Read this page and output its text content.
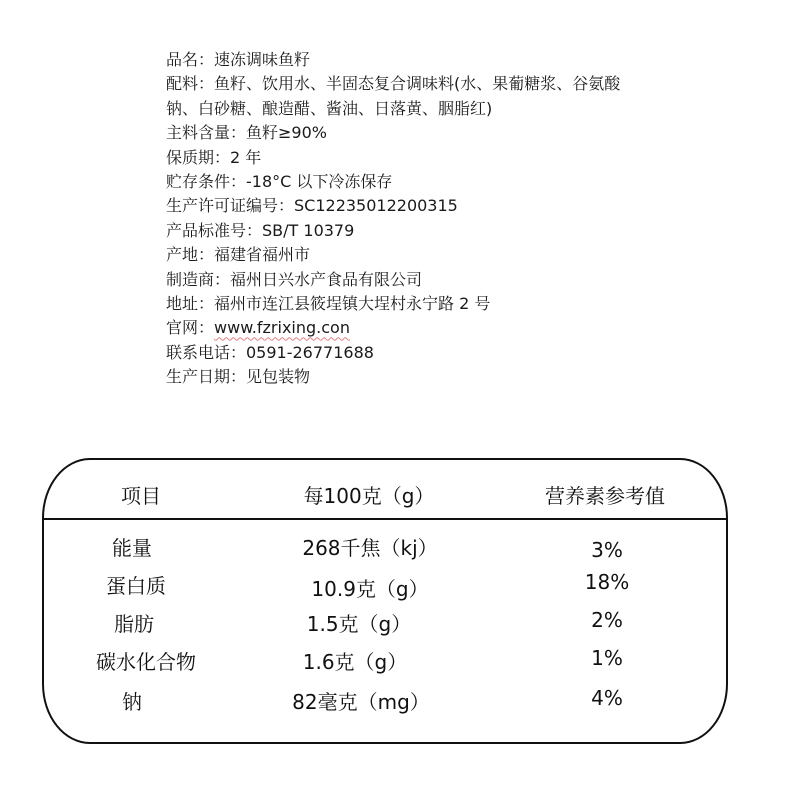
品名：速冻调味鱼籽
配料：鱼籽、饮用水、半固态复合调味料(水、果葡糖浆、谷氨酸
钠、白砂糖、酿造醋、酱油、日落黄、胭脂红)
主料含量：鱼籽≥90%
保质期：2 年
贮存条件：-18°C 以下冷冻保存
生产许可证编号：SC12235012200315
产品标准号：SB/T 10379
产地：福建省福州市
制造商：福州日兴水产食品有限公司
地址：福州市连江县筱埕镇大埕村永宁路 2 号
官网：www.fzrixing.con
联系电话：0591-26771688
生产日期：见包装物
项目	每100克（g）	营养素参考值
能量	268千焦（kj）	3%
蛋白质	10.9克（g）	18%
脂肪	1.5克（g）	2%
碳水化合物	1.6克（g）	1%
钠	82毫克（mg）	4%
